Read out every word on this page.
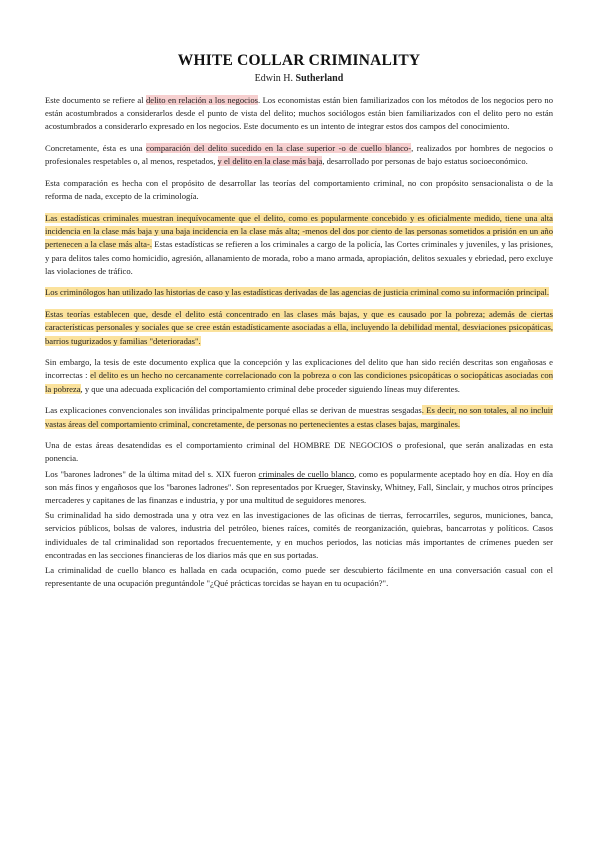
WHITE COLLAR CRIMINALITY
Edwin H. Sutherland

Este documento se refiere al delito en relación a los negocios. Los economistas están bien familiarizados con los métodos de los negocios pero no están acostumbrados a considerarlos desde el punto de vista del delito; muchos sociólogos están bien familiarizados con el delito pero no están acostumbrados a considerarlo expresado en los negocios. Este documento es un intento de integrar estos dos campos del conocimiento.

Concretamente, ésta es una comparación del delito sucedido en la clase superior -o de cuello blanco-, realizados por hombres de negocios o profesionales respetables o, al menos, respetados, y el delito en la clase más baja, desarrollado por personas de bajo estatus socioeconómico.

Esta comparación es hecha con el propósito de desarrollar las teorías del comportamiento criminal, no con propósito sensacionalista o de la reforma de nada, excepto de la criminología.

Las estadísticas criminales muestran inequívocamente que el delito, como es popularmente concebido y es oficialmente medido, tiene una alta incidencia en la clase más baja y una baja incidencia en la clase más alta; -menos del dos por ciento de las personas sometidos a prisión en un año pertenecen a la clase más alta-. Estas estadísticas se refieren a los criminales a cargo de la policía, las Cortes criminales y juveniles, y las prisiones, y para delitos tales como homicidio, agresión, allanamiento de morada, robo a mano armada, apropiación, delitos sexuales y ebriedad, pero excluye las violaciones de tráfico.

Los criminólogos han utilizado las historias de caso y las estadísticas derivadas de las agencias de justicia criminal como su información principal.

Estas teorías establecen que, desde el delito está concentrado en las clases más bajas, y que es causado por la pobreza; además de ciertas características personales y sociales que se cree están estadísticamente asociadas a ella, incluyendo la debilidad mental, desviaciones psicopáticas, barrios tugurizados y familias "deterioradas".

Sin embargo, la tesis de este documento explica que la concepción y las explicaciones del delito que han sido recién descritas son engañosas e incorrectas : el delito es un hecho no cercanamente correlacionado con la pobreza o con las condiciones psicopáticas o sociopáticas asociadas con la pobreza, y que una adecuada explicación del comportamiento criminal debe proceder siguiendo líneas muy diferentes.

Las explicaciones convencionales son inválidas principalmente porqué ellas se derivan de muestras sesgadas. Es decir, no son totales, al no incluir vastas áreas del comportamiento criminal, concretamente, de personas no pertenecientes a estas clases bajas, marginales.

Una de estas áreas desatendidas es el comportamiento criminal del HOMBRE DE NEGOCIOS o profesional, que serán analizadas en esta ponencia.

Los "barones ladrones" de la última mitad del s. XIX fueron criminales de cuello blanco, como es popularmente aceptado hoy en día. Hoy en día son más finos y engañosos que los "barones ladrones". Son representados por Krueger, Stavinsky, Whitney, Fall, Sinclair, y muchos otros príncipes mercaderes y capitanes de las finanzas e industria, y por una multitud de seguidores menores.

Su criminalidad ha sido demostrada una y otra vez en las investigaciones de las oficinas de tierras, ferrocarriles, seguros, municiones, banca, servicios públicos, bolsas de valores, industria del petróleo, bienes raíces, comités de reorganización, quiebras, bancarrotas y políticos. Casos individuales de tal criminalidad son reportados frecuentemente, y en muchos periodos, las noticias más importantes de crímenes pueden ser encontradas en las secciones financieras de los diarios más que en sus portadas.

La criminalidad de cuello blanco es hallada en cada ocupación, como puede ser descubierto fácilmente en una conversación casual con el representante de una ocupación preguntándole "¿Qué prácticas torcidas se hayan en tu ocupación?".
